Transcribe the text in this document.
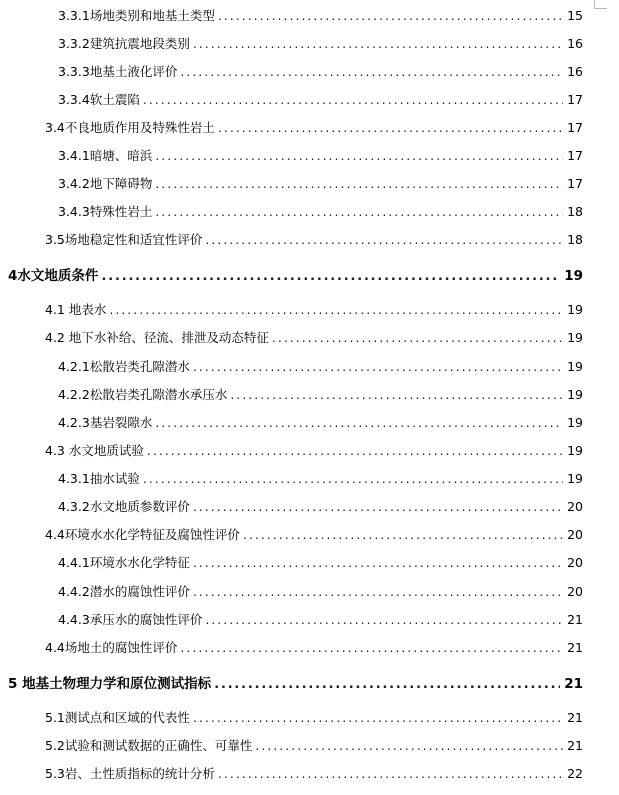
3.3.1场地类别和地基土类型 .....	15
3.3.2建筑抗震地段类别 .....	16
3.3.3地基土液化评价 .....	16
3.3.4软土震陷 .....	17
3.4不良地质作用及特殊性岩土 .....	17
3.4.1暗塘、暗浜 .....	17
3.4.2地下障碍物 .....	17
3.4.3特殊性岩土 .....	18
3.5场地稳定性和适宜性评价 .....	18
4水文地质条件 .....	19
4.1 地表水 .....	19
4.2 地下水补给、径流、排泄及动态特征 .....	19
4.2.1松散岩类孔隙潜水 .....	19
4.2.2松散岩类孔隙潜水承压水 .....	19
4.2.3基岩裂隙水 .....	19
4.3 水文地质试验 .....	19
4.3.1抽水试验 .....	19
4.3.2水文地质参数评价 .....	20
4.4环境水水化学特征及腐蚀性评价 .....	20
4.4.1环境水水化学特征 .....	20
4.4.2潜水的腐蚀性评价 .....	20
4.4.3承压水的腐蚀性评价 .....	21
4.4场地土的腐蚀性评价 .....	21
5 地基土物理力学和原位测试指标 .....	21
5.1测试点和区域的代表性 .....	21
5.2试验和测试数据的正确性、可靠性 .....	21
5.3岩、土性质指标的统计分析 .....	22
